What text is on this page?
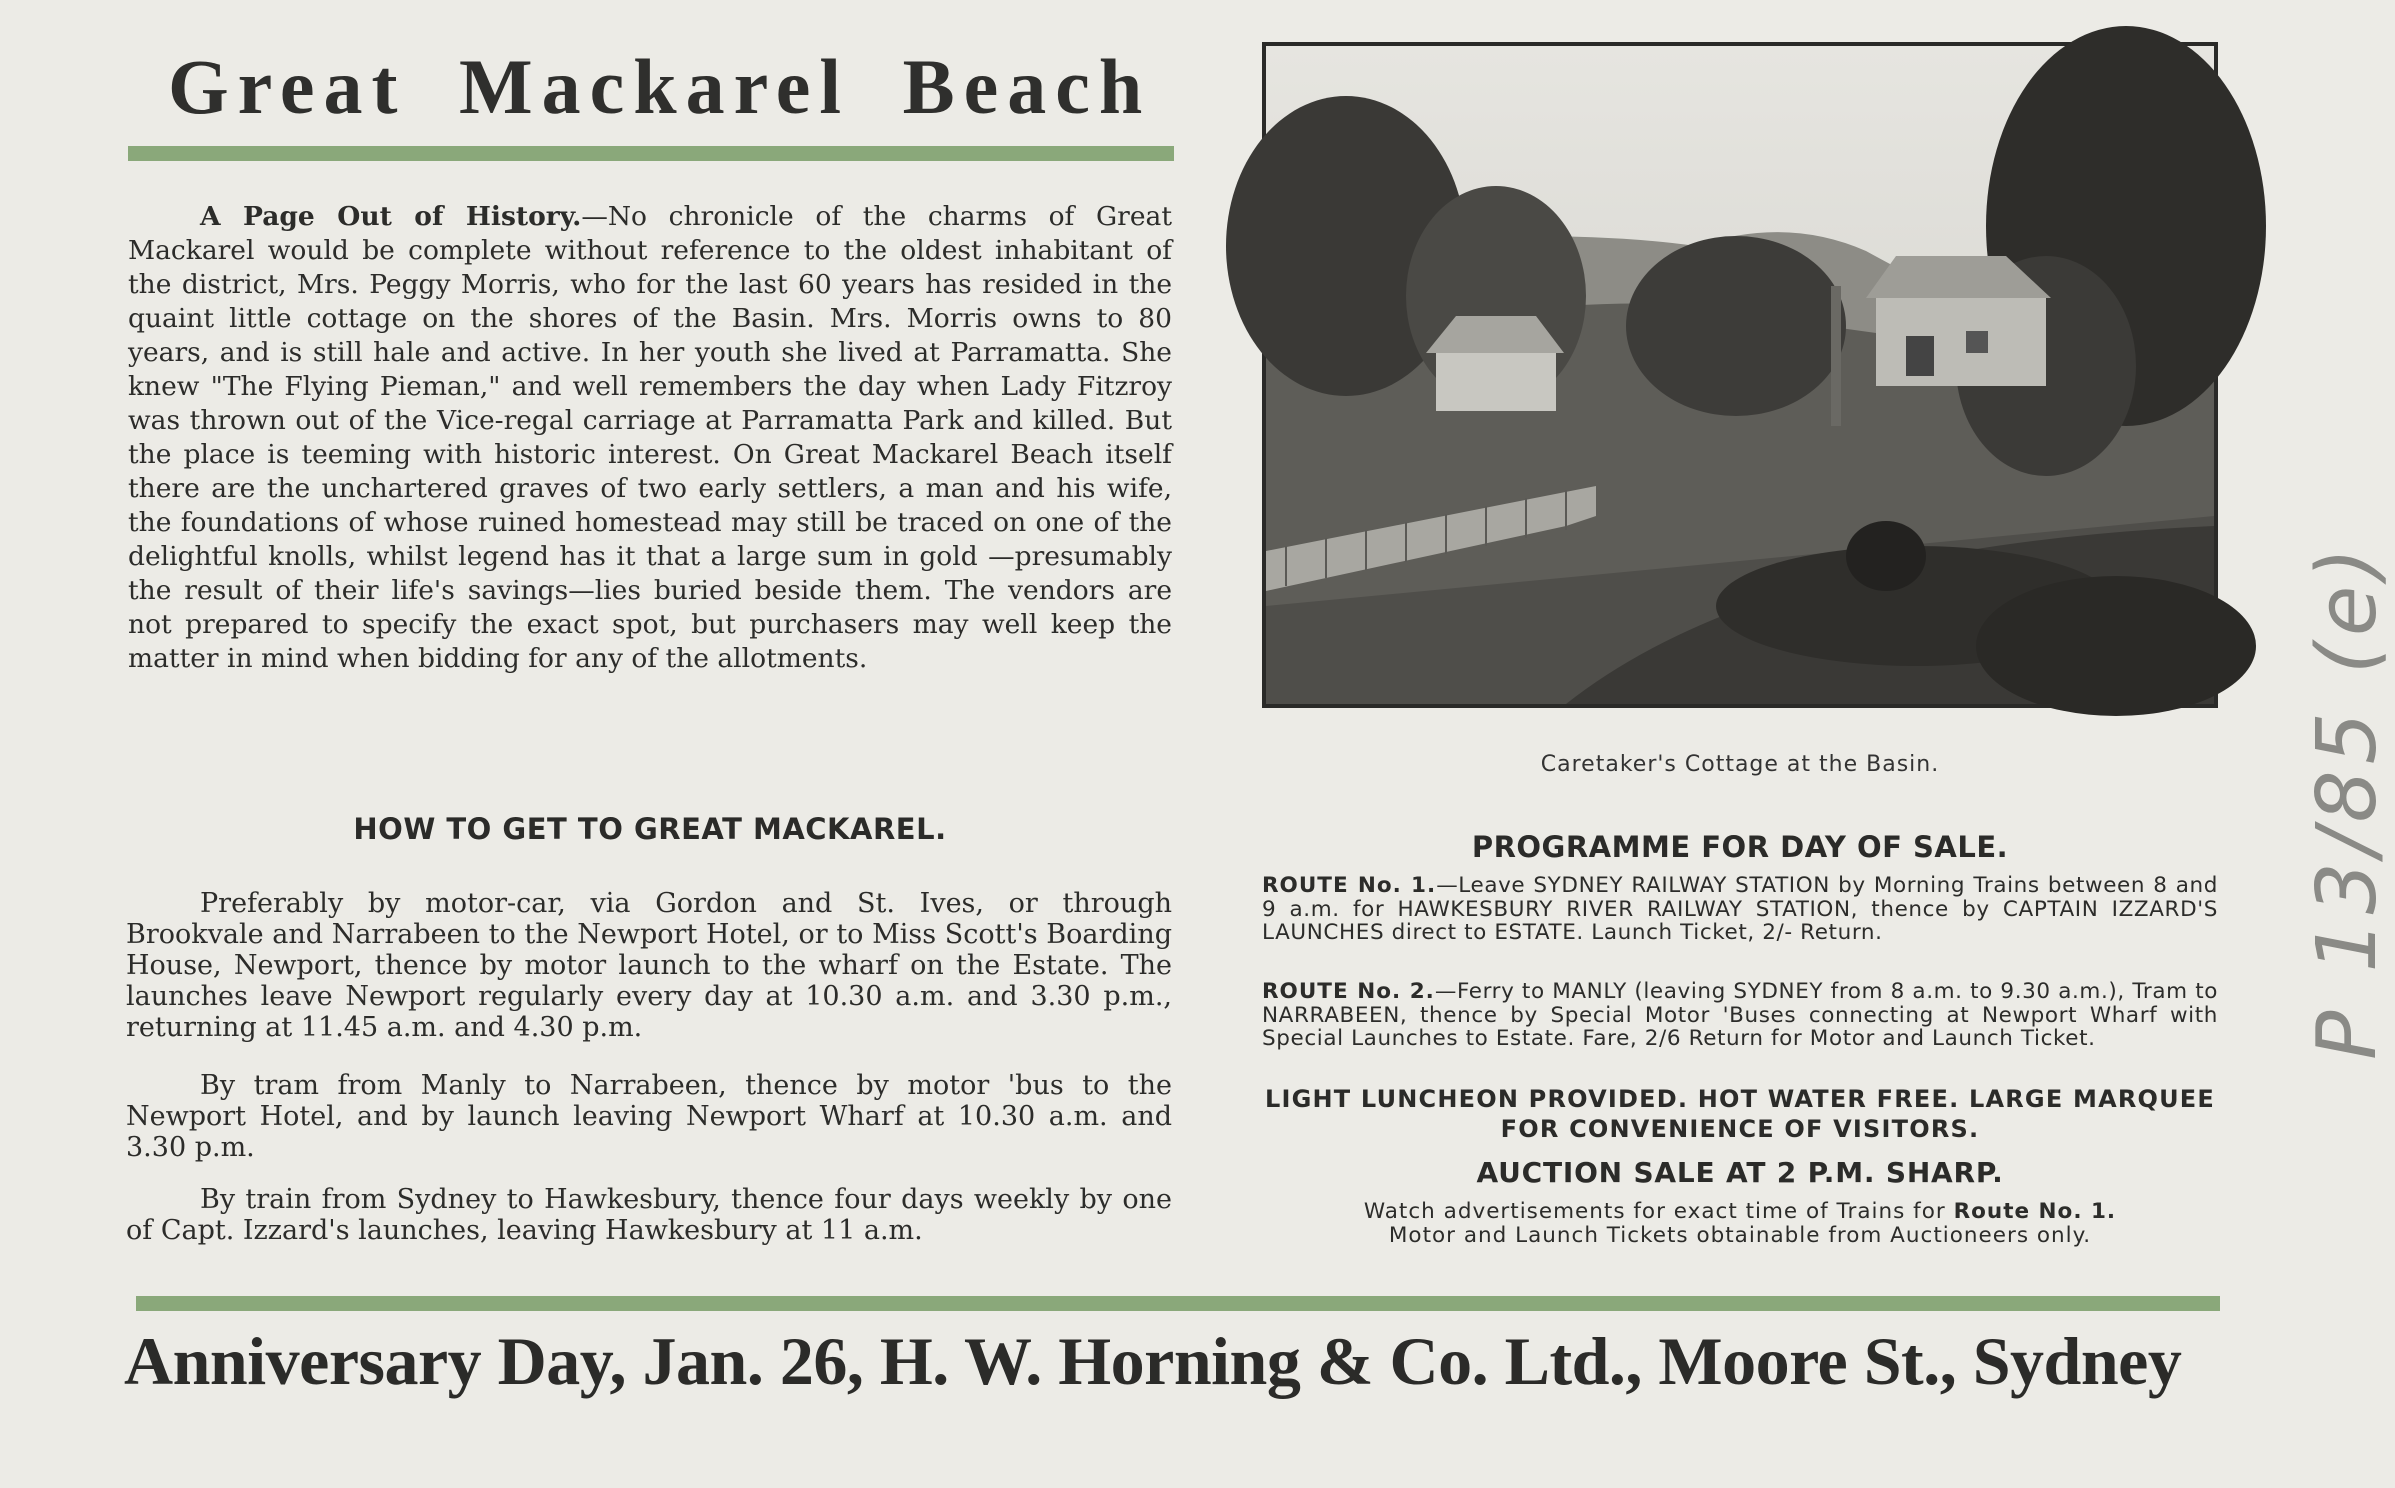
Great Mackarel Beach

A Page Out of History.—No chronicle of the charms of Great Mackarel would be complete without reference to the oldest inhabitant of the district, Mrs. Peggy Morris, who for the last 60 years has resided in the quaint little cottage on the shores of the Basin. Mrs. Morris owns to 80 years, and is still hale and active. In her youth she lived at Parramatta. She knew "The Flying Pieman," and well remembers the day when Lady Fitzroy was thrown out of the Vice-regal carriage at Parramatta Park and killed. But the place is teeming with historic interest. On Great Mackarel Beach itself there are the unchartered graves of two early settlers, a man and his wife, the foundations of whose ruined homestead may still be traced on one of the delightful knolls, whilst legend has it that a large sum in gold —presumably the result of their life's savings—lies buried beside them. The vendors are not prepared to specify the exact spot, but purchasers may well keep the matter in mind when bidding for any of the allotments.

HOW TO GET TO GREAT MACKAREL.

Preferably by motor-car, via Gordon and St. Ives, or through Brookvale and Narrabeen to the Newport Hotel, or to Miss Scott's Boarding House, Newport, thence by motor launch to the wharf on the Estate. The launches leave Newport regularly every day at 10.30 a.m. and 3.30 p.m., returning at 11.45 a.m. and 4.30 p.m.

By tram from Manly to Narrabeen, thence by motor 'bus to the Newport Hotel, and by launch leaving Newport Wharf at 10.30 a.m. and 3.30 p.m.

By train from Sydney to Hawkesbury, thence four days weekly by one of Capt. Izzard's launches, leaving Hawkesbury at 11 a.m.

Caretaker's Cottage at the Basin.
PROGRAMME FOR DAY OF SALE.

ROUTE No. 1.—Leave SYDNEY RAILWAY STATION by Morning Trains between 8 and 9 a.m. for HAWKESBURY RIVER RAILWAY STATION, thence by CAPTAIN IZZARD'S LAUNCHES direct to ESTATE. Launch Ticket, 2/- Return.

ROUTE No. 2.—Ferry to MANLY (leaving SYDNEY from 8 a.m. to 9.30 a.m.), Tram to NARRABEEN, thence by Special Motor 'Buses connecting at Newport Wharf with Special Launches to Estate. Fare, 2/6 Return for Motor and Launch Ticket.

LIGHT LUNCHEON PROVIDED. HOT WATER FREE. LARGE MARQUEE FOR CONVENIENCE OF VISITORS.
AUCTION SALE AT 2 P.M. SHARP.
Watch advertisements for exact time of Trains for Route No. 1.
Motor and Launch Tickets obtainable from Auctioneers only.
Anniversary Day, Jan. 26, H. W. Horning & Co. Ltd., Moore St., Sydney
P 13/85 (e)
